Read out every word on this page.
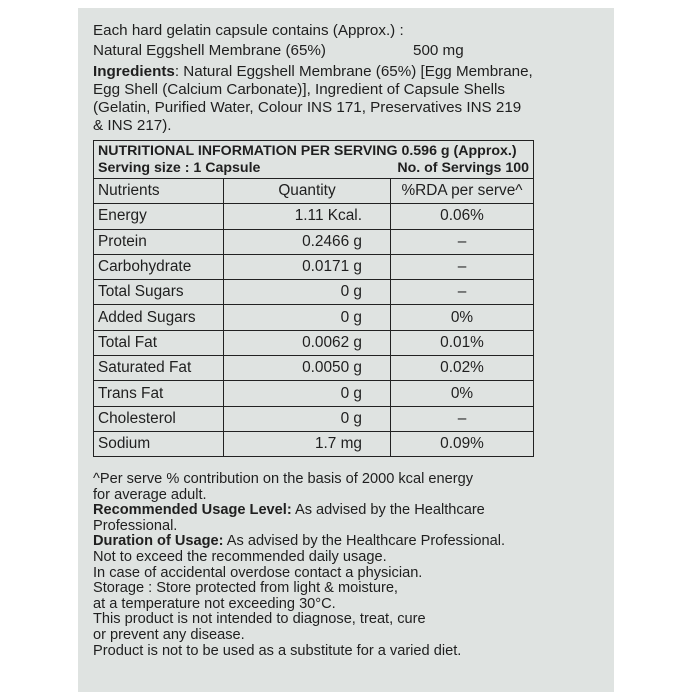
Each hard gelatin capsule contains (Approx.) :
Natural Eggshell Membrane (65%)	500 mg
Ingredients: Natural Eggshell Membrane (65%) [Egg Membrane,
Egg Shell (Calcium Carbonate)], Ingredient of Capsule Shells
(Gelatin, Purified Water, Colour INS 171, Preservatives INS 219
& INS 217).
NUTRITIONAL INFORMATION PER SERVING 0.596 g (Approx.)
Serving size : 1 Capsule	No. of Servings 100
Nutrients	Quantity	%RDA per serve^
Energy	1.11 Kcal.	0.06%
Protein	0.2466 g	–
Carbohydrate	0.0171 g	–
Total Sugars	0 g	–
Added Sugars	0 g	0%
Total Fat	0.0062 g	0.01%
Saturated Fat	0.0050 g	0.02%
Trans Fat	0 g	0%
Cholesterol	0 g	–
Sodium	1.7 mg	0.09%
^Per serve % contribution on the basis of 2000 kcal energy
for average adult.
Recommended Usage Level: As advised by the Healthcare
Professional.
Duration of Usage: As advised by the Healthcare Professional.
Not to exceed the recommended daily usage.
In case of accidental overdose contact a physician.
Storage : Store protected from light & moisture,
at a temperature not exceeding 30°C.
This product is not intended to diagnose, treat, cure
or prevent any disease.
Product is not to be used as a substitute for a varied diet.
